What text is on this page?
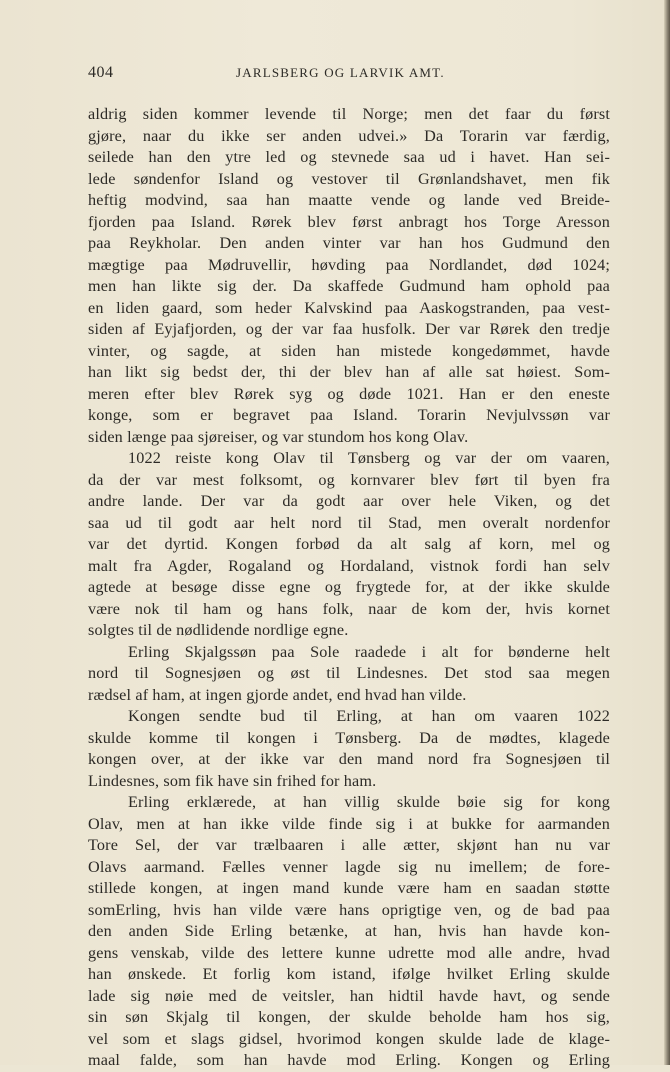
404	JARLSBERG OG LARVIK AMT.
aldrig siden kommer levende til Norge; men det faar du først
gjøre, naar du ikke ser anden udvei.» Da Torarin var færdig,
seilede han den ytre led og stevnede saa ud i havet. Han sei-
lede søndenfor Island og vestover til Grønlandshavet, men fik
heftig modvind, saa han maatte vende og lande ved Breide-
fjorden paa Island. Rørek blev først anbragt hos Torge Aresson
paa Reykholar. Den anden vinter var han hos Gudmund den
mægtige paa Mødruvellir, høvding paa Nordlandet, død 1024;
men han likte sig der. Da skaffede Gudmund ham ophold paa
en liden gaard, som heder Kalvskind paa Aaskogstranden, paa vest-
siden af Eyjafjorden, og der var faa husfolk. Der var Rørek den tredje
vinter, og sagde, at siden han mistede kongedømmet, havde
han likt sig bedst der, thi der blev han af alle sat høiest. Som-
meren efter blev Rørek syg og døde 1021. Han er den eneste
konge, som er begravet paa Island. Torarin Nevjulvssøn var
siden længe paa sjøreiser, og var stundom hos kong Olav.
1022 reiste kong Olav til Tønsberg og var der om vaaren,
da der var mest folksomt, og kornvarer blev ført til byen fra
andre lande. Der var da godt aar over hele Viken, og det
saa ud til godt aar helt nord til Stad, men overalt nordenfor
var det dyrtid. Kongen forbød da alt salg af korn, mel og
malt fra Agder, Rogaland og Hordaland, vistnok fordi han selv
agtede at besøge disse egne og frygtede for, at der ikke skulde
være nok til ham og hans folk, naar de kom der, hvis kornet
solgtes til de nødlidende nordlige egne.
Erling Skjalgssøn paa Sole raadede i alt for bønderne helt
nord til Sognesjøen og øst til Lindesnes. Det stod saa megen
rædsel af ham, at ingen gjorde andet, end hvad han vilde.
Kongen sendte bud til Erling, at han om vaaren 1022
skulde komme til kongen i Tønsberg. Da de mødtes, klagede
kongen over, at der ikke var den mand nord fra Sognesjøen til
Lindesnes, som fik have sin frihed for ham.
Erling erklærede, at han villig skulde bøie sig for kong
Olav, men at han ikke vilde finde sig i at bukke for aarmanden
Tore Sel, der var trælbaaren i alle ætter, skjønt han nu var
Olavs aarmand. Fælles venner lagde sig nu imellem; de fore-
stillede kongen, at ingen mand kunde være ham en saadan støtte
somErling, hvis han vilde være hans oprigtige ven, og de bad paa
den anden Side Erling betænke, at han, hvis han havde kon-
gens venskab, vilde des lettere kunne udrette mod alle andre, hvad
han ønskede. Et forlig kom istand, ifølge hvilket Erling skulde
lade sig nøie med de veitsler, han hidtil havde havt, og sende
sin søn Skjalg til kongen, der skulde beholde ham hos sig,
vel som et slags gidsel, hvorimod kongen skulde lade de klage-
maal falde, som han havde mod Erling. Kongen og Erling
